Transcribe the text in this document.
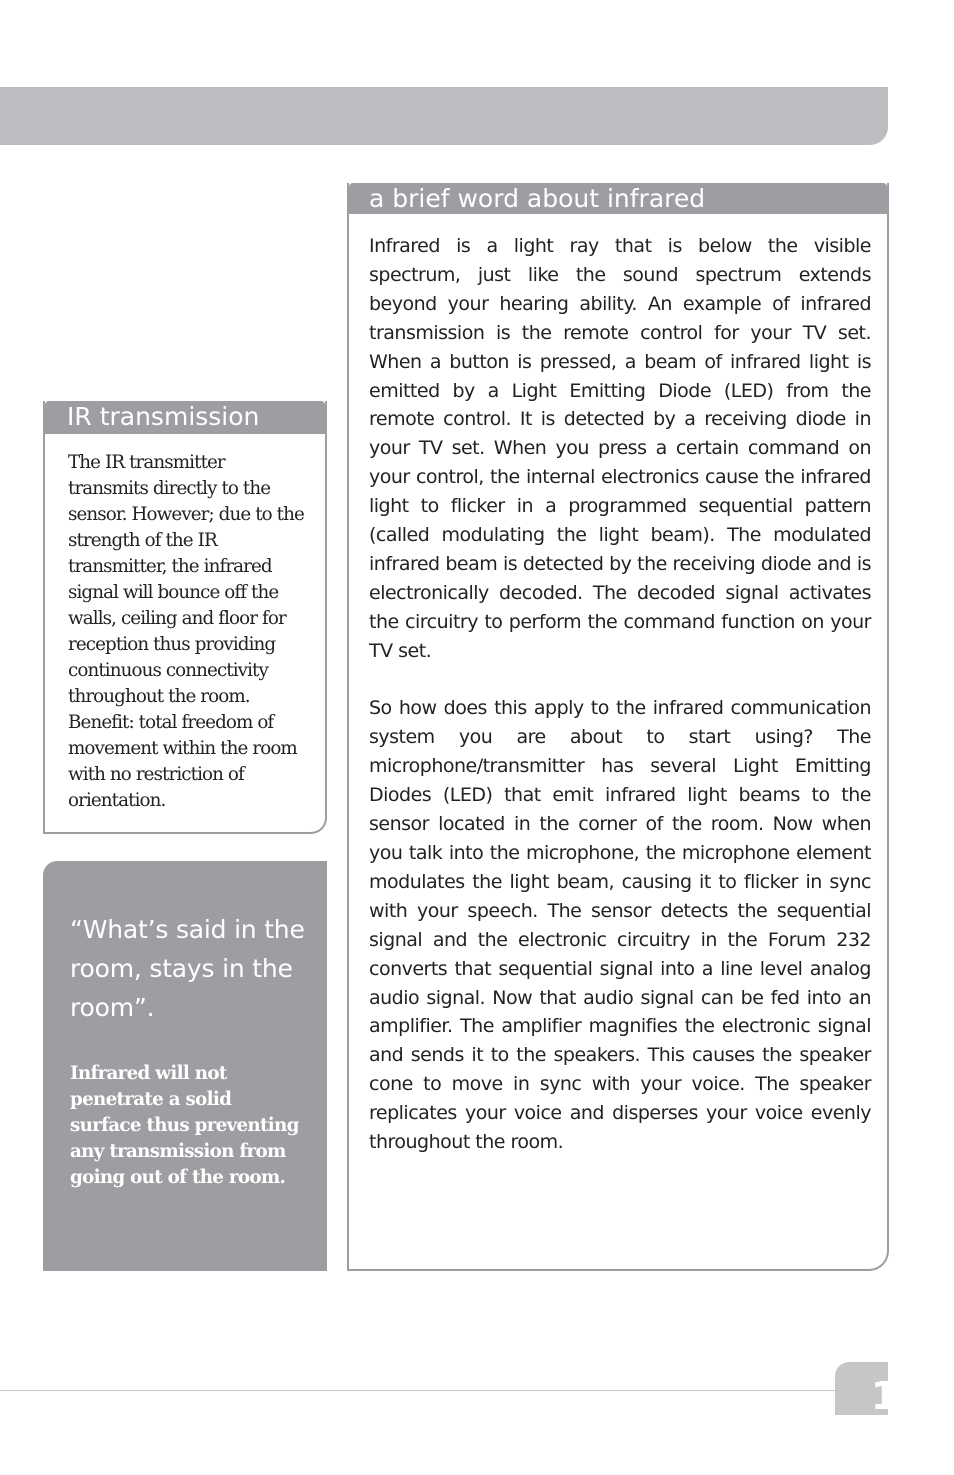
IR transmission

The IR transmitter transmits directly to the sensor. However; due to the strength of the IR transmitter, the infrared signal will bounce off the walls, ceiling and floor for reception thus providing continuous connectivity throughout the room. Benefit: total freedom of movement within the room with no restriction of orientation.

“What’s said in the room, stays in the room”.

Infrared will not penetrate a solid surface thus preventing any transmission from going out of the room.

a brief word about infrared

Infrared is a light ray that is below the visible spectrum, just like the sound spectrum extends beyond your hearing ability. An example of infrared transmission is the remote control for your TV set. When a button is pressed, a beam of infrared light is emitted by a Light Emitting Diode (LED) from the remote control. It is detected by a receiving diode in your TV set. When you press a certain command on your control, the internal electronics cause the infrared light to flicker in a programmed sequential pattern (called modulating the light beam). The modulated infrared beam is detected by the receiving diode and is electronically decoded. The decoded signal activates the circuitry to perform the command function on your TV set.

So how does this apply to the infrared communication system you are about to start using? The microphone/transmitter has several Light Emitting Diodes (LED) that emit infrared light beams to the sensor located in the corner of the room. Now when you talk into the microphone, the microphone element modulates the light beam, causing it to flicker in sync with your speech. The sensor detects the sequential signal and the electronic circuitry in the Forum 232 converts that sequential signal into a line level analog audio signal. Now that audio signal can be fed into an amplifier. The amplifier magnifies the electronic signal and sends it to the speakers. This causes the speaker cone to move in sync with your voice. The speaker replicates your voice and disperses your voice evenly throughout the room.

1
